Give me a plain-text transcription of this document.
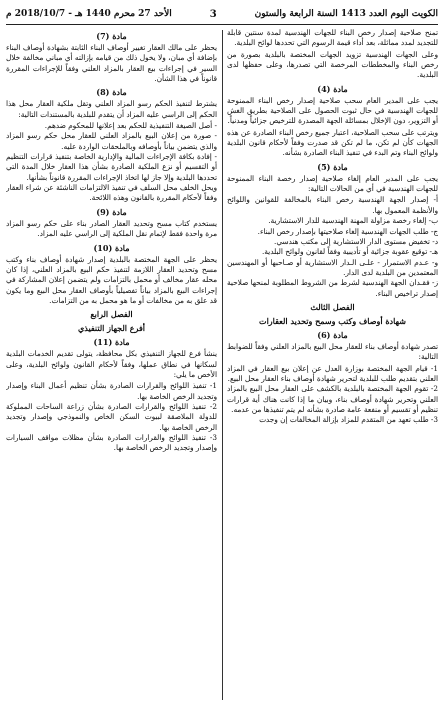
الكويت اليوم العدد 1413 السنة الرابعة والستون
3
الأحد 27 محرم 1440 هـ - 2018/10/7 م
تمنح صلاحية إصدار رخص البناء للجهات الهندسية لمدة سنتين قابلة للتجديد لمدد مماثلة، بعد أداء قيمة الرسوم التي تحددها لوائح البلدية.
وعلى الجهات الهندسية تزويد الجهات المختصة بالبلدية بصورة من رخص البناء والمخططات المرخصة التي تصدرها، وعلى حفظها لدى البلدية.
مادة (4)
يجب على المدير العام سحب صلاحية إصدار رخص البناء الممنوحة للجهات الهندسية في حال ثبوت الحصول على الصلاحية بطريق الغش أو التزوير، دون الإخلال بمسائلة الجهة المصدرة للترخيص جزائياً ومدنياً.
ويترتب على سحب الصلاحية، اعتبار جميع رخص البناء الصادرة عن هذه الجهات كأن لم تكن، ما لم تكن قد صدرت وفقاً لأحكام قانون البلدية ولوائح البناء وتم البدء في تنفيذ البناء الصادرة بشأنه.
مادة (5)
يجب على المدير العام إلغاء صلاحية إصدار رخصة البناء الممنوحة للجهات الهندسية في أي من الحالات التالية:
أ- إصدار الجهة الهندسية رخص البناء بالمخالفة للقوانين واللوائح والأنظمة المعمول بها.
ب- إلغاء رخصة مزاولة المهنة الهندسية للدار الاستشارية.
ج- طلب الجهات الهندسية إلغاء صلاحيتها بإصدار رخص البناء.
د- تخفيض مستوى الدار الاستشارية إلى مكتب هندسي.
هـ- توقيع عقوبة جزائية أو تأديبية وفقاً لقانون ولوائح البلدية.
و- عـدم الاستمرار - علـى الـدار الاستشارية أو صـاحبها أو المهندسين المعتمدين من البلدية لدى الدار.
ز- فقـدان الجهة الهندسية لشرط من الشروط المطلوبة لمنحها صلاحية إصدار تراخيص البناء.
الفصل الثالث
شهادة أوصاف وكتب وسمح وتحديد العقارات
مادة (6)
تصدر شهادة أوصاف بناء للعقار محل البيع بالمزاد العلني وفقاً للضوابط التالية:
1- قيام الجهة المختصة بوزارة العدل عن إعلان بيع العقار في المزاد العلني بتقديم طلب للبلدية لتحرير شهادة أوصاف بناء العقار محل البيع.
2- تقوم الجهة المختصة بالبلدية بالكشف على العقار محل البيع بالمزاد العلني وتحرير شهادة أوصاف بناء، وبيان ما إذا كانت هناك أية قرارات تنظيم أو تقسيم أو منفعة عامة صادرة بشأنه لم يتم تنفيذها من عدمه.
3- طلب تعهد من المتقدم للمزاد بإزالة المخالفات إن وجدت
مادة (7)
يحظر على مالك العقار تغيير أوصاف البناء الثابتة بشهادة أوصاف البناء بإضافة أي مبان، ولا يخول ذلك من قيامه بإزالته أي مباني مخالفة خلال السير في إجراءات بيع العقار بالمزاد العلني وفقاً للإجراءات المقررة قانوناً في هذا الشأن.
مادة (8)
يشترط لتنفيذ الحكم رسو المزاد العلني وتقل ملكية العقار محل هذا الحكم إلى الراسي عليه المزاد أن يتقدم للبلدية بالمستندات التالية:
- أصل الصيغة التنفيذية للحكم بعد إعلانها للمحكوم ضدهم.
- صورة من إعلان البيع بالمزاد العلني للعقار محل حكم رسو المزاد والذي يتضمن بياناً بأوصافه وبالملحقات الواردة عليه.
- إفادة بكافة الإجراءات المالية والإدارية الخاصة بتنفيذ قرارات التنظيم أو التقسيم أو نزع الملكية الصادرة بشأن هذا العقار خلال المدة التي تحددها البلدية وإلا جاز لها اتخاذ الإجراءات المقررة قانوناً بشأنها.
ويحل الخلف محل السلف في تنفيذ الالتزامات الناشئة عن شراء العقار وفقاً لأحكام المقررة بالقانون وهذه اللائحة.
مادة (9)
يستخدم كتاب مسح وتحديد العقار الصادر بناء على حكم رسو المزاد مرة واحدة فقط لإتمام نقل الملكية إلى الراسي عليه المزاد.
مادة (10)
يحظر على الجهة المختصة بالبلدية إصدار شهادة أوصاف بناء وكتب مسح وتحديد العقار اللازمة لتنفيذ حكم البيع بالمزاد العلني، إذا كان محله عقار مخالف أو محمل بالتزامات ولم يتضمن إعلان المشاركة في إجراءات البيع بالمزاد بياناً تفصيلياً بأوصاف العقار محل البيع وما يكون قد علق به من مخالفات أو ما هو محمل به من التزامات.
الفصل الرابع
أفرع الجهاز التنفيذي
مادة (11)
ينشأ فرع للجهاز التنفيذي بكل محافظة، يتولى تقديم الخدمات البلدية لسكانها في نطاق عملها، وفقاً لأحكام القانون ولوائح البلدية، وعلى الأخص ما يلي:
1- تنفيذ اللوائح والقرارات الصادرة بشأن تنظيم أعمال البناء وإصدار وتجديد الرخص الخاصة بها.
2- تنفيذ اللوائح والقرارات الصادرة بشأن زراعة الساحات المملوكة للدولة الملاصقة لبيوت السكن الخاص والنموذجي وإصدار وتجديد الرخص الخاصة بها.
3- تنفيذ اللوائح والقرارات الصادرة بشأن مظلات مواقف السيارات وإصدار وتجديد الرخص الخاصة بها.
